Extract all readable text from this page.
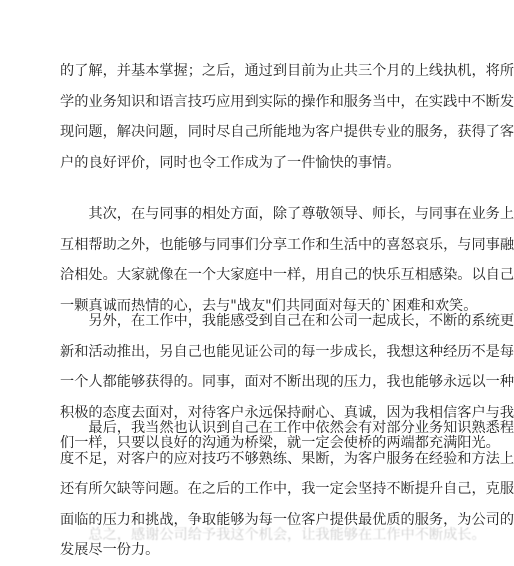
的了解，并基本掌握；之后，通过到目前为止共三个月的上线执机，将所
学的业务知识和语言技巧应用到实际的操作和服务当中，在实践中不断发
现问题，解决问题，同时尽自己所能地为客户提供专业的服务，获得了客
户的良好评价，同时也令工作成为了一件愉快的事情。
其次，在与同事的相处方面，除了尊敬领导、师长，与同事在业务上
互相帮助之外，也能够与同事们分享工作和生活中的喜怒哀乐，与同事融
洽相处。大家就像在一个大家庭中一样，用自己的快乐互相感染。以自己
一颗真诚而热情的心，去与"战友"们共同面对每天的`困难和欢笑。
另外，在工作中，我能感受到自己在和公司一起成长，不断的系统更
新和活动推出，另自己也能见证公司的每一步成长，我想这种经历不是每
一个人都能够获得的。同事，面对不断出现的压力，我也能够永远以一种
积极的态度去面对，对待客户永远保持耐心、真诚，因为我相信客户与我
们一样，只要以良好的沟通为桥梁，就一定会使桥的两端都充满阳光。
最后，我当然也认识到自己在工作中依然会有对部分业务知识熟悉程
度不足，对客户的应对技巧不够熟练、果断，为客户服务在经验和方法上
还有所欠缺等问题。在之后的工作中，我一定会坚持不断提升自己，克服
面临的压力和挑战，争取能够为每一位客户提供最优质的服务，为公司的
发展尽一份力。
总之，感谢公司给予我这个机会，让我能够在工作中不断成长。
